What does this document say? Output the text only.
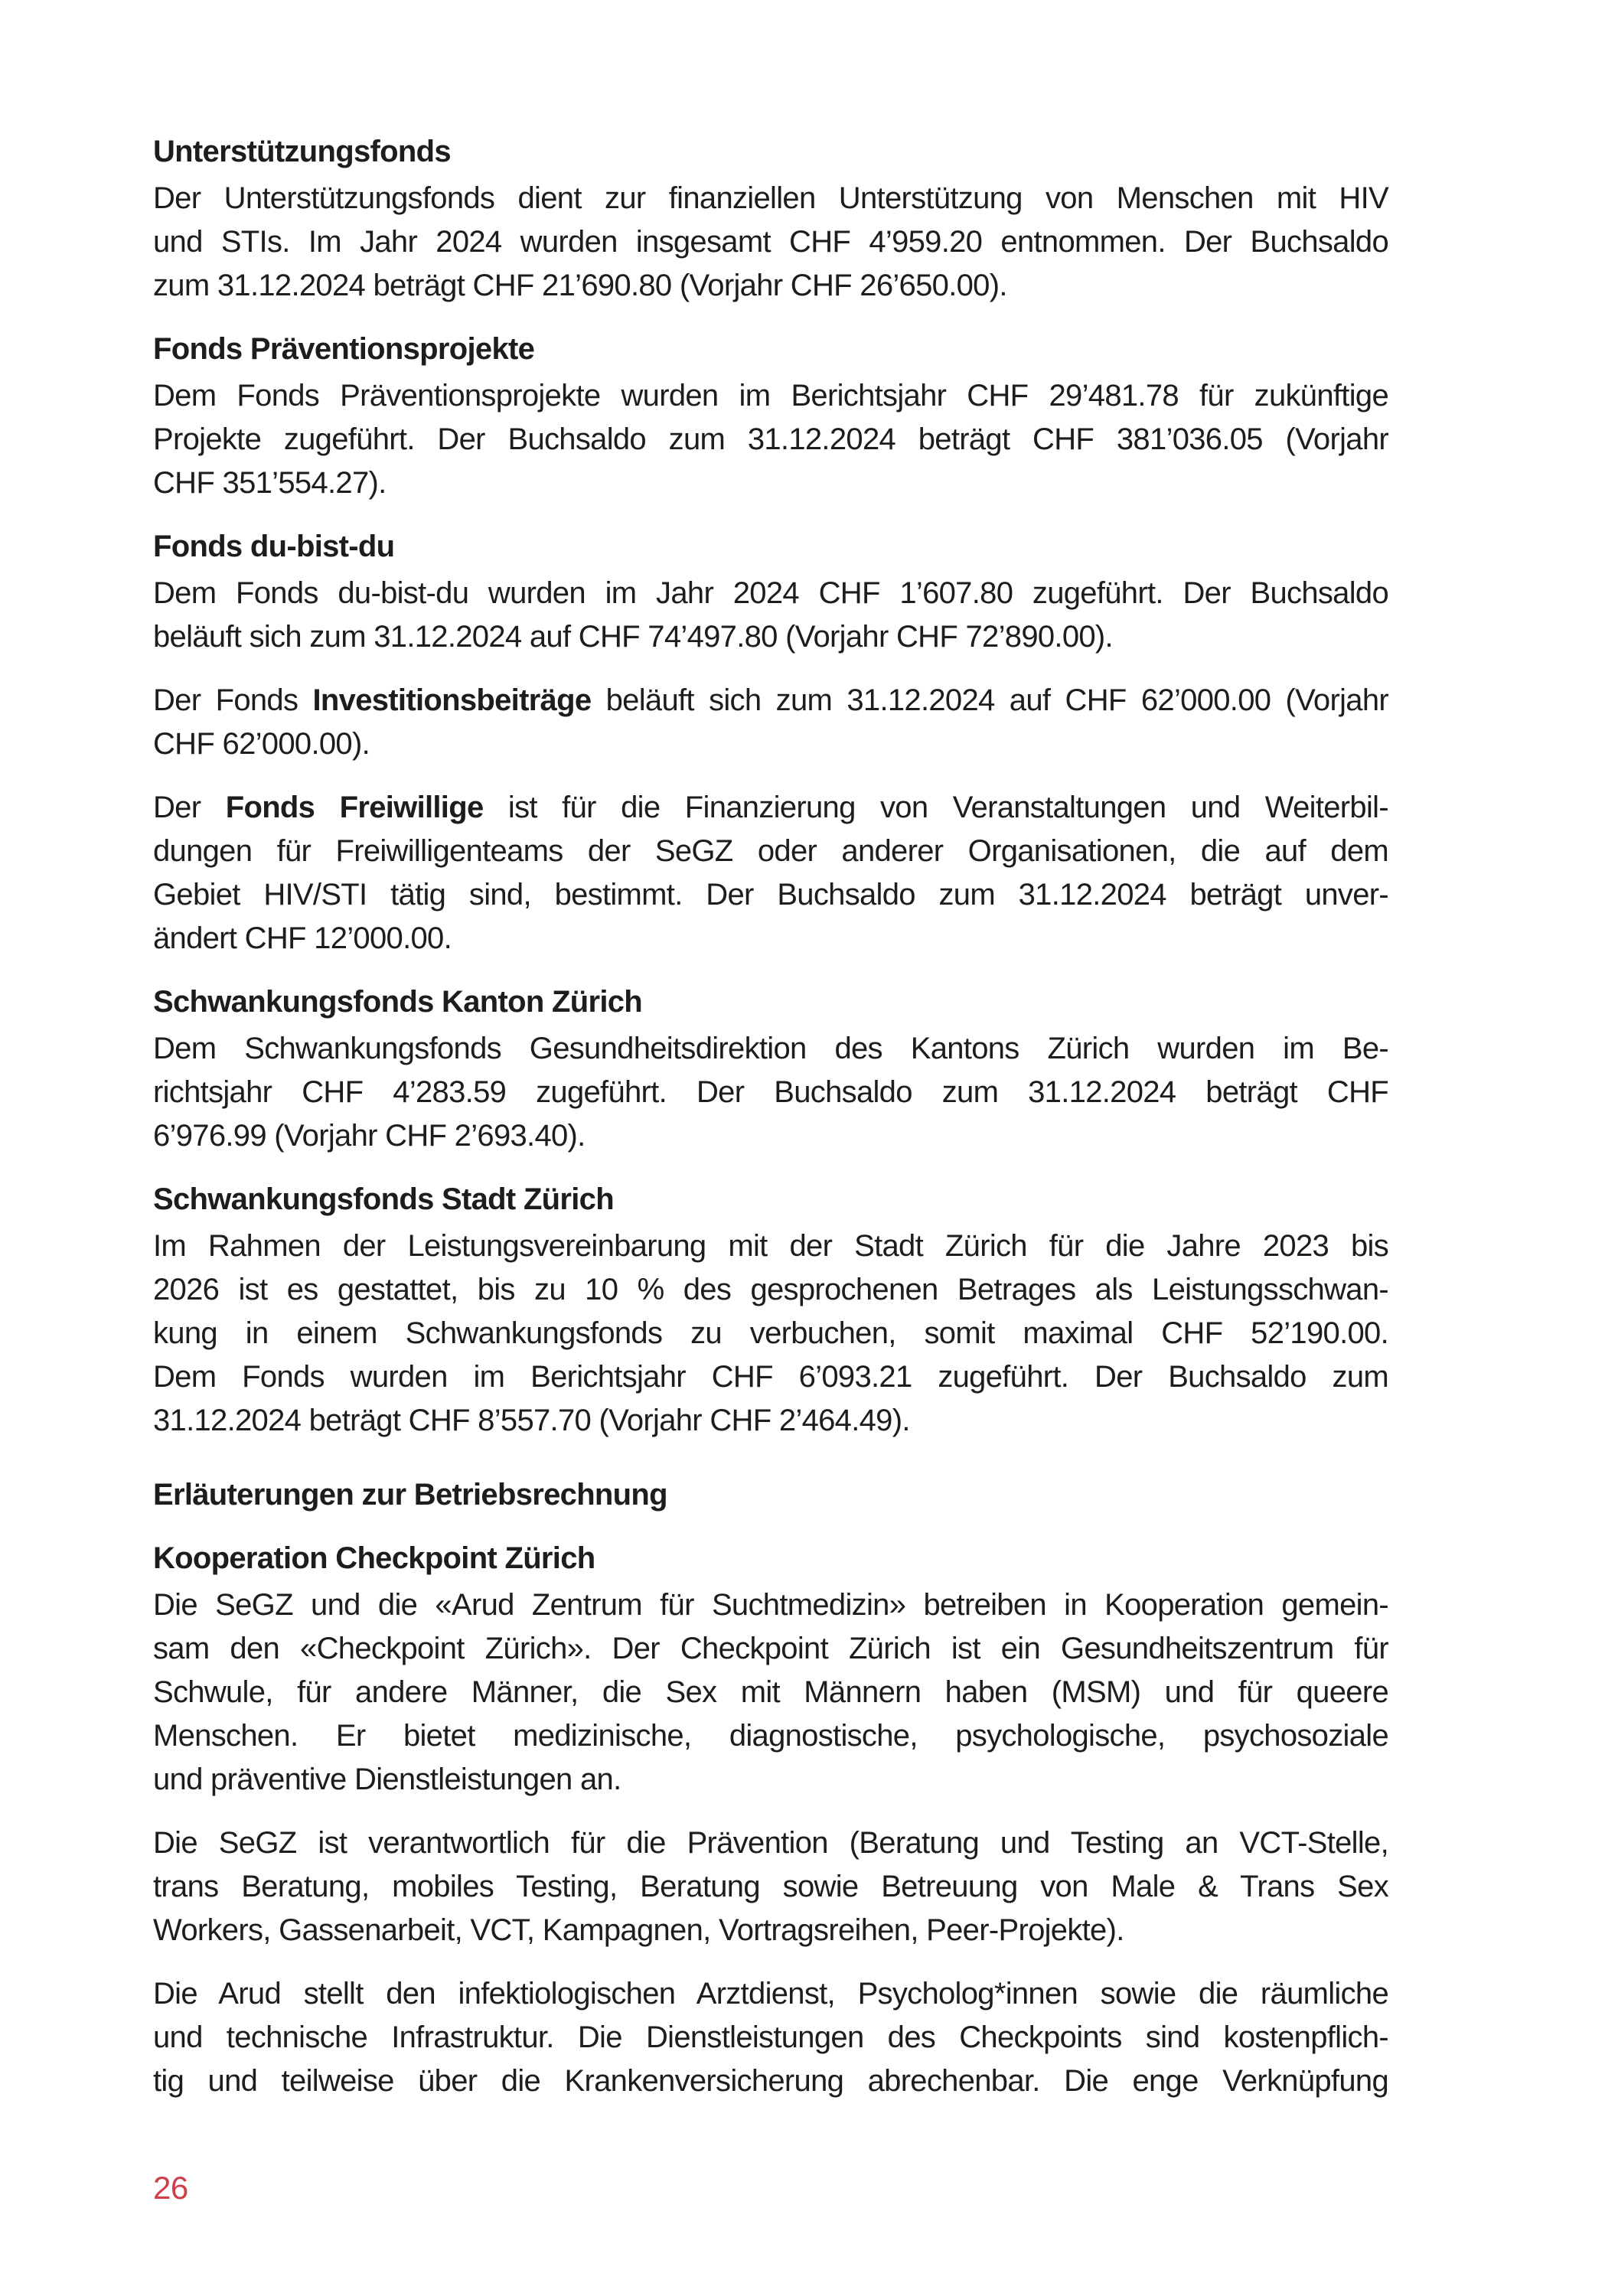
Unterstützungsfonds
Der Unterstützungsfonds dient zur finanziellen Unterstützung von Menschen mit HIV
und STIs. Im Jahr 2024 wurden insgesamt CHF 4’959.20 entnommen. Der Buchsaldo
zum 31.12.2024 beträgt CHF 21’690.80 (Vorjahr CHF 26’650.00).
Fonds Präventionsprojekte
Dem Fonds Präventionsprojekte wurden im Berichtsjahr CHF 29’481.78 für zukünftige
Projekte zugeführt. Der Buchsaldo zum 31.12.2024 beträgt CHF 381’036.05 (Vorjahr
CHF 351’554.27).
Fonds du-bist-du
Dem Fonds du-bist-du wurden im Jahr 2024 CHF 1’607.80 zugeführt. Der Buchsaldo
beläuft sich zum 31.12.2024 auf CHF 74’497.80 (Vorjahr CHF 72’890.00).
Der Fonds Investitionsbeiträge beläuft sich zum 31.12.2024 auf CHF 62’000.00 (Vorjahr
CHF 62’000.00).
Der Fonds Freiwillige ist für die Finanzierung von Veranstaltungen und Weiterbil-
dungen für Freiwilligenteams der SeGZ oder anderer Organisationen, die auf dem
Gebiet HIV/STI tätig sind, bestimmt. Der Buchsaldo zum 31.12.2024 beträgt unver-
ändert CHF 12’000.00.
Schwankungsfonds Kanton Zürich
Dem Schwankungsfonds Gesundheitsdirektion des Kantons Zürich wurden im Be-
richtsjahr CHF 4’283.59 zugeführt. Der Buchsaldo zum 31.12.2024 beträgt CHF
6’976.99 (Vorjahr CHF 2’693.40).
Schwankungsfonds Stadt Zürich
Im Rahmen der Leistungsvereinbarung mit der Stadt Zürich für die Jahre 2023 bis
2026 ist es gestattet, bis zu 10 % des gesprochenen Betrages als Leistungsschwan-
kung in einem Schwankungsfonds zu verbuchen, somit maximal CHF 52’190.00.
Dem Fonds wurden im Berichtsjahr CHF 6’093.21 zugeführt. Der Buchsaldo zum
31.12.2024 beträgt CHF 8’557.70 (Vorjahr CHF 2’464.49).
Erläuterungen zur Betriebsrechnung
Kooperation Checkpoint Zürich
Die SeGZ und die «Arud Zentrum für Suchtmedizin» betreiben in Kooperation gemein-
sam den «Checkpoint Zürich». Der Checkpoint Zürich ist ein Gesundheitszentrum für
Schwule, für andere Männer, die Sex mit Männern haben (MSM) und für queere
Menschen. Er bietet medizinische, diagnostische, psychologische, psychosoziale
und präventive Dienstleistungen an.
Die SeGZ ist verantwortlich für die Prävention (Beratung und Testing an VCT-Stelle,
trans Beratung, mobiles Testing, Beratung sowie Betreuung von Male & Trans Sex
Workers, Gassenarbeit, VCT, Kampagnen, Vortragsreihen, Peer-Projekte).
Die Arud stellt den infektiologischen Arztdienst, Psycholog*innen sowie die räumliche
und technische Infrastruktur. Die Dienstleistungen des Checkpoints sind kostenpflich-
tig und teilweise über die Krankenversicherung abrechenbar. Die enge Verknüpfung
26
